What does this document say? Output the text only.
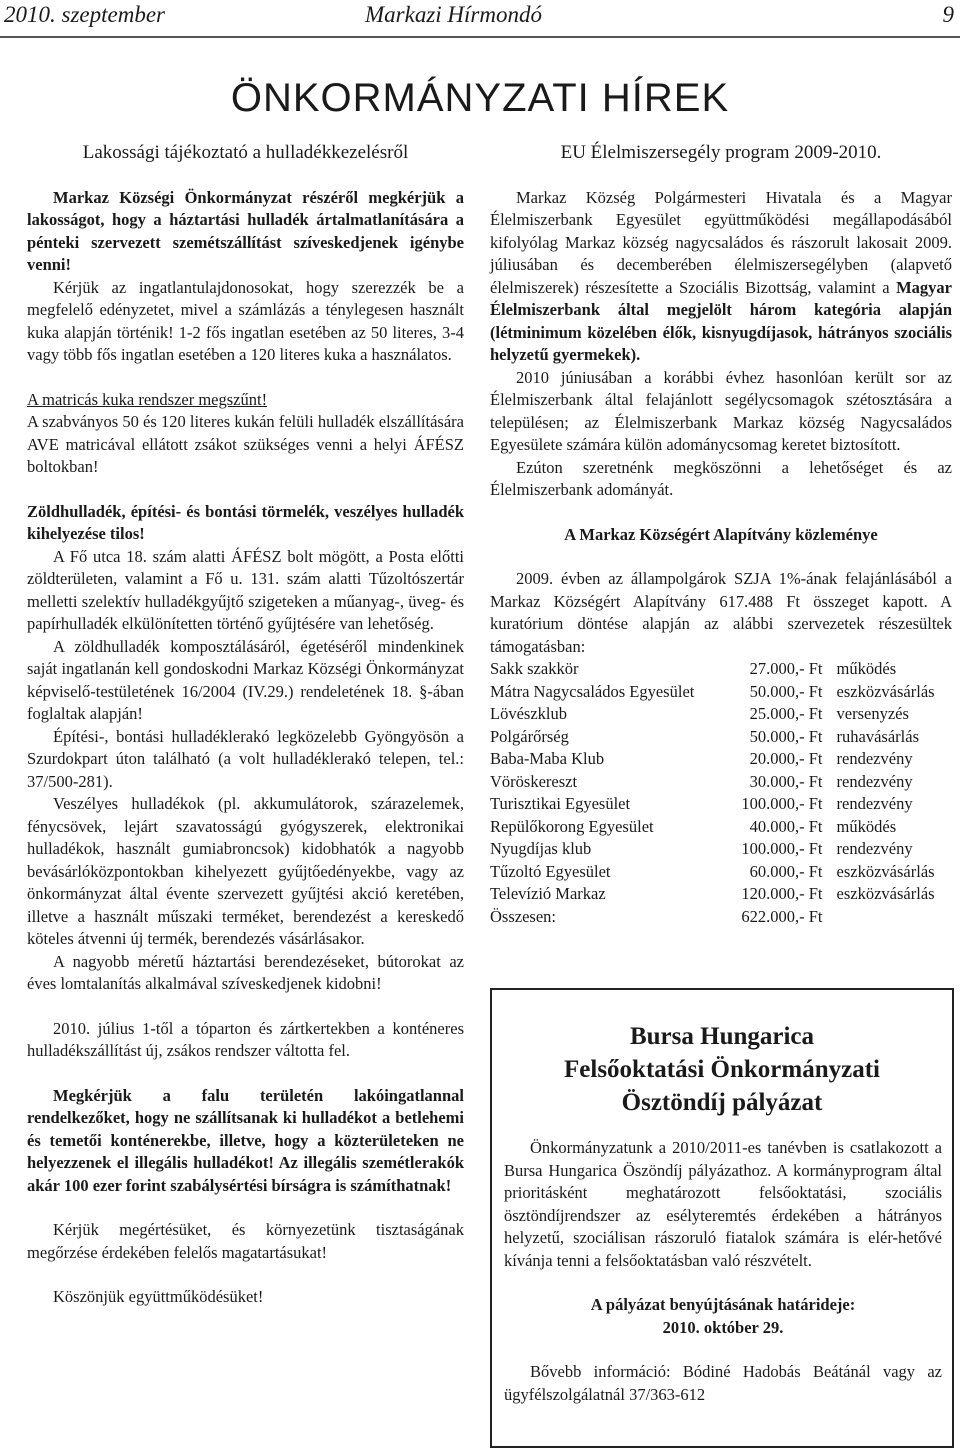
2010. szeptember	Markazi Hírmondó	9
ÖNKORMÁNYZATI HÍREK

Lakossági tájékoztató a hulladékkezelésről

Markaz Községi Önkormányzat részéről megkérjük a lakosságot, hogy a háztartási hulladék ártalmatlanítására a pénteki szervezett szemétszállítást szíveskedjenek igénybe venni!

Kérjük az ingatlantulajdonosokat, hogy szerezzék be a megfelelő edényzetet, mivel a számlázás a ténylegesen használt kuka alapján történik! 1-2 fős ingatlan esetében az 50 literes, 3-4 vagy több fős ingatlan esetében a 120 literes kuka a használatos.

A matricás kuka rendszer megszűnt!

A szabványos 50 és 120 literes kukán felüli hulladék elszállítására AVE matricával ellátott zsákot szükséges venni a helyi ÁFÉSZ boltokban!

Zöldhulladék, építési- és bontási törmelék, veszélyes hulladék kihelyezése tilos!

A Fő utca 18. szám alatti ÁFÉSZ bolt mögött, a Posta előtti zöldterületen, valamint a Fő u. 131. szám alatti Tűzoltószertár melletti szelektív hulladékgyűjtő szigeteken a műanyag-, üveg- és papírhulladék elkülönítetten történő gyűjtésére van lehetőség.

A zöldhulladék komposztálásáról, égetéséről mindenkinek saját ingatlanán kell gondoskodni Markaz Községi Önkormányzat képviselő-testületének 16/2004 (IV.29.) rendeletének 18. §-ában foglaltak alapján!

Építési-, bontási hulladéklerakó legközelebb Gyöngyösön a Szurdokpart úton található (a volt hulladéklerakó telepen, tel.: 37/500-281).

Veszélyes hulladékok (pl. akkumulátorok, szárazelemek, fénycsövek, lejárt szavatosságú gyógyszerek, elektronikai hulladékok, használt gumiabroncsok) kidobhatók a nagyobb bevásárlóközpontokban kihelyezett gyűjtőedényekbe, vagy az önkormányzat által évente szervezett gyűjtési akció keretében, illetve a használt műszaki terméket, berendezést a kereskedő köteles átvenni új termék, berendezés vásárlásakor.

A nagyobb méretű háztartási berendezéseket, bútorokat az éves lomtalanítás alkalmával szíveskedjenek kidobni!

2010. július 1-től a tóparton és zártkertekben a konténeres hulladékszállítást új, zsákos rendszer váltotta fel.

Megkérjük a falu területén lakóingatlannal rendelkezőket, hogy ne szállítsanak ki hulladékot a betlehemi és temetői konténerekbe, illetve, hogy a közterületeken ne helyezzenek el illegális hulladékot! Az illegális szemétlerakók akár 100 ezer forint szabálysértési bírságra is számíthatnak!

Kérjük megértésüket, és környezetünk tisztaságának megőrzése érdekében felelős magatartásukat!

Köszönjük együttműködésüket!

EU Élelmiszersegély program 2009-2010.

Markaz Község Polgármesteri Hivatala és a Magyar Élelmiszerbank Egyesület együttműködési megállapodásából kifolyólag Markaz község nagycsaládos és rászorult lakosait 2009. júliusában és decemberében élelmiszersegélyben (alapvető élelmiszerek) részesítette a Szociális Bizottság, valamint a Magyar Élelmiszerbank által megjelölt három kategória alapján (létminimum közelében élők, kisnyugdíjasok, hátrányos szociális helyzetű gyermekek).

2010 júniusában a korábbi évhez hasonlóan került sor az Élelmiszerbank által felajánlott segélycsomagok szétosztására a településen; az Élelmiszerbank Markaz község Nagycsaládos Egyesülete számára külön adománycsomag keretet biztosított.

Ezúton szeretnénk megköszönni a lehetőséget és az Élelmiszerbank adományát.

A Markaz Községért Alapítvány közleménye

2009. évben az állampolgárok SZJA 1%-ának felajánlásából a Markaz Községért Alapítvány 617.488 Ft összeget kapott. A kuratórium döntése alapján az alábbi szervezetek részesültek támogatásban:

Sakk szakkör	27.000,- Ft	működés
Mátra Nagycsaládos Egyesület	50.000,- Ft	eszközvásárlás
Lövészklub	25.000,- Ft	versenyzés
Polgárőrség	50.000,- Ft	ruhavásárlás
Baba-Maba Klub	20.000,- Ft	rendezvény
Vöröskereszt	30.000,- Ft	rendezvény
Turisztikai Egyesület	100.000,- Ft	rendezvény
Repülőkorong Egyesület	40.000,- Ft	működés
Nyugdíjas klub	100.000,- Ft	rendezvény
Tűzoltó Egyesület	60.000,- Ft	eszközvásárlás
Televízió Markaz	120.000,- Ft	eszközvásárlás
Összesen:	622.000,- Ft	
Bursa Hungarica
Felsőoktatási Önkormányzati
Ösztöndíj pályázat

Önkormányzatunk a 2010/2011-es tanévben is csatlakozott a Bursa Hungarica Öszöndíj pályázathoz. A kormányprogram által prioritásként meghatározott felsőoktatási, szociális ösztöndíjrendszer az esélyteremtés érdekében a hátrányos helyzetű, szociálisan rászoruló fiatalok számára is elér-hetővé kívánja tenni a felsőoktatásban való részvételt.

A pályázat benyújtásának határideje:

2010. október 29.

Bővebb információ: Bódiné Hadobás Beátánál vagy az ügyfélszolgálatnál 37/363-612
